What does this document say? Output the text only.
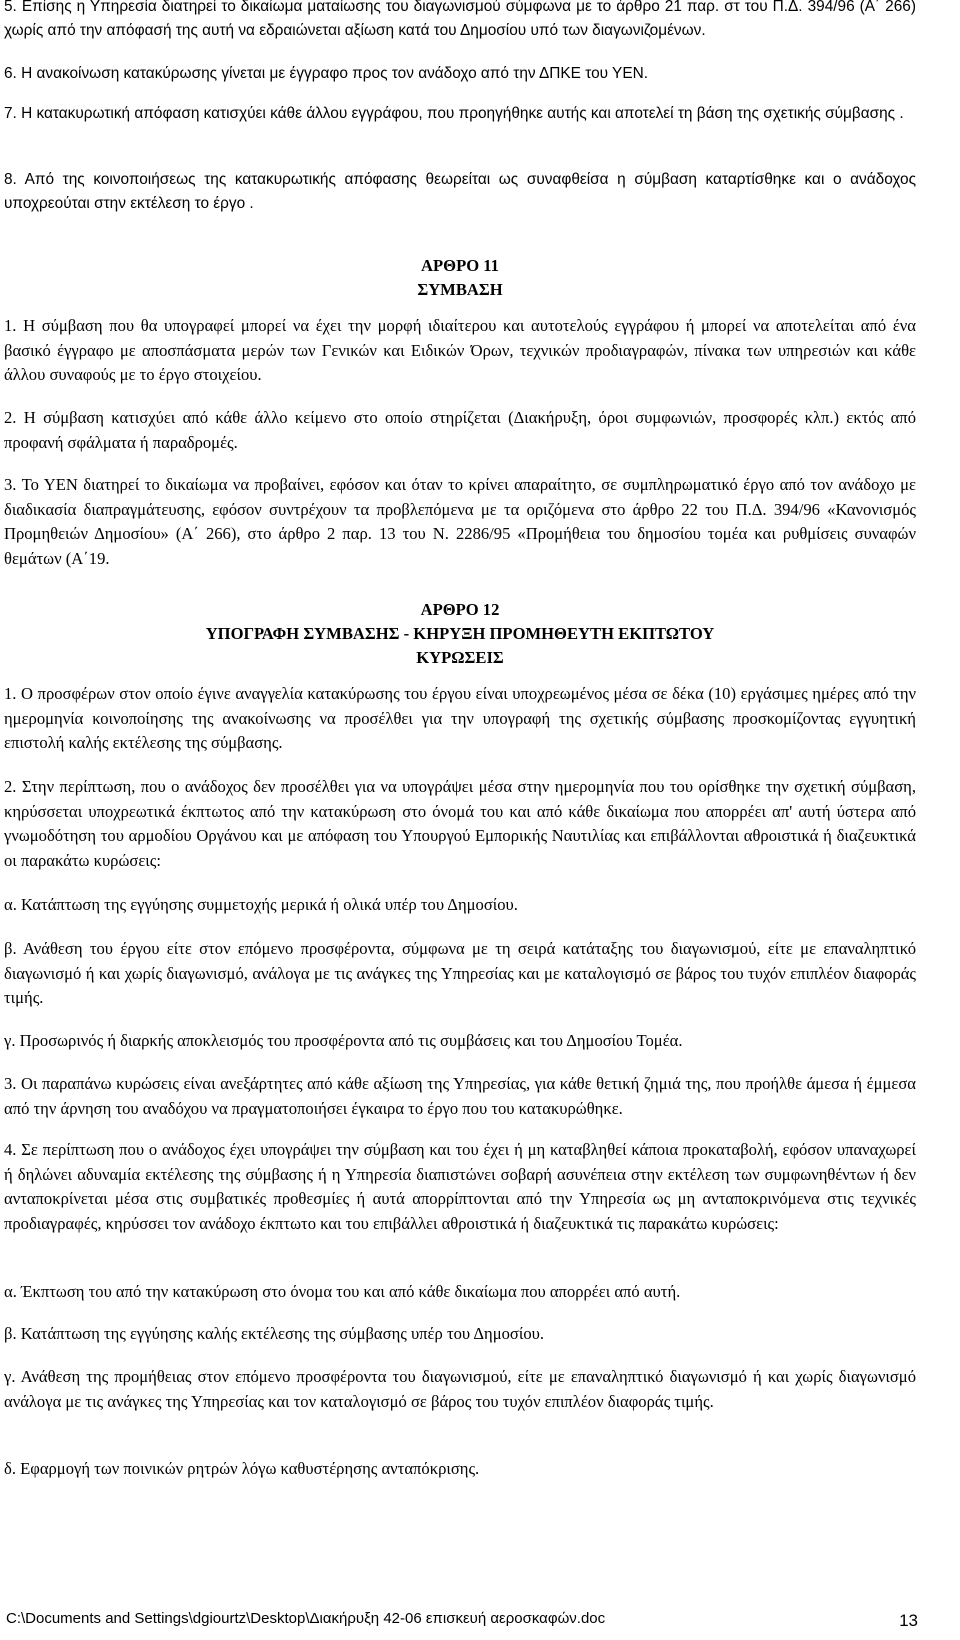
5. Επίσης η Υπηρεσία διατηρεί το δικαίωμα ματαίωσης του διαγωνισμού σύμφωνα με το άρθρο 21 παρ. στ του Π.Δ. 394/96 (Α΄ 266) χωρίς από την απόφασή της αυτή να εδραιώνεται αξίωση κατά του Δημοσίου υπό των διαγωνιζομένων.

6. Η ανακοίνωση κατακύρωσης γίνεται με έγγραφο προς τον ανάδοχο από την ΔΠΚΕ του ΥΕΝ.

7. Η κατακυρωτική απόφαση κατισχύει κάθε άλλου εγγράφου, που προηγήθηκε αυτής και αποτελεί τη βάση της σχετικής σύμβασης .

8. Από της κοινοποιήσεως της κατακυρωτικής απόφασης θεωρείται ως συναφθείσα η σύμβαση καταρτίσθηκε και ο ανάδοχος υποχρεούται στην εκτέλεση το έργο .

ΑΡΘΡΟ 11
ΣΥΜΒΑΣΗ

1. Η σύμβαση που θα υπογραφεί μπορεί να έχει την μορφή ιδιαίτερου και αυτοτελούς εγγράφου ή μπορεί να αποτελείται από ένα βασικό έγγραφο με αποσπάσματα μερών των Γενικών και Ειδικών Όρων, τεχνικών προδιαγραφών, πίνακα των υπηρεσιών και κάθε άλλου συναφούς με το έργο στοιχείου.

2. Η σύμβαση κατισχύει από κάθε άλλο κείμενο στο οποίο στηρίζεται (Διακήρυξη, όροι συμφωνιών, προσφορές κλπ.) εκτός από προφανή σφάλματα ή παραδρομές.

3. Το ΥΕΝ διατηρεί το δικαίωμα να προβαίνει, εφόσον και όταν το κρίνει απαραίτητο, σε συμπληρωματικό έργο από τον ανάδοχο με διαδικασία διαπραγμάτευσης, εφόσον συντρέχουν τα προβλεπόμενα με τα οριζόμενα στο άρθρο 22 του Π.Δ. 394/96 «Κανονισμός Προμηθειών Δημοσίου» (Α΄ 266), στο άρθρο 2 παρ. 13 του Ν. 2286/95 «Προμήθεια του δημοσίου τομέα και ρυθμίσεις συναφών θεμάτων (Α΄19.

ΑΡΘΡΟ 12
ΥΠΟΓΡΑΦΗ ΣΥΜΒΑΣΗΣ - ΚΗΡΥΞΗ ΠΡΟΜΗΘΕΥΤΗ ΕΚΠΤΩΤΟΥ
ΚΥΡΩΣΕΙΣ

1. Ο προσφέρων στον οποίο έγινε αναγγελία κατακύρωσης του έργου είναι υποχρεωμένος μέσα σε δέκα (10) εργάσιμες ημέρες από την ημερομηνία κοινοποίησης της ανακοίνωσης να προσέλθει για την υπογραφή της σχετικής σύμβασης προσκομίζοντας εγγυητική επιστολή καλής εκτέλεσης της σύμβασης.

2. Στην περίπτωση, που ο ανάδοχος δεν προσέλθει για να υπογράψει μέσα στην ημερομηνία που του ορίσθηκε την σχετική σύμβαση, κηρύσσεται υποχρεωτικά έκπτωτος από την κατακύρωση στο όνομά του και από κάθε δικαίωμα που απορρέει απ' αυτή ύστερα από γνωμοδότηση του αρμοδίου Οργάνου και με απόφαση του Υπουργού Εμπορικής Ναυτιλίας και επιβάλλονται αθροιστικά ή διαζευκτικά οι παρακάτω κυρώσεις:

α. Κατάπτωση της εγγύησης συμμετοχής μερικά ή ολικά υπέρ του Δημοσίου.

β. Ανάθεση του έργου είτε στον επόμενο προσφέροντα, σύμφωνα με τη σειρά κατάταξης του διαγωνισμού, είτε με επαναληπτικό διαγωνισμό ή και χωρίς διαγωνισμό, ανάλογα με τις ανάγκες της Υπηρεσίας και με καταλογισμό σε βάρος του τυχόν επιπλέον διαφοράς τιμής.

γ. Προσωρινός ή διαρκής αποκλεισμός του προσφέροντα από τις συμβάσεις και του Δημοσίου Τομέα.

3. Οι παραπάνω κυρώσεις είναι ανεξάρτητες από κάθε αξίωση της Υπηρεσίας, για κάθε θετική ζημιά της, που προήλθε άμεσα ή έμμεσα από την άρνηση του αναδόχου να πραγματοποιήσει έγκαιρα το έργο που του κατακυρώθηκε.

4. Σε περίπτωση που ο ανάδοχος έχει υπογράψει την σύμβαση και του έχει ή μη καταβληθεί κάποια προκαταβολή, εφόσον υπαναχωρεί ή δηλώνει αδυναμία εκτέλεσης της σύμβασης ή η Υπηρεσία διαπιστώνει σοβαρή ασυνέπεια στην εκτέλεση των συμφωνηθέντων ή δεν ανταποκρίνεται μέσα στις συμβατικές προθεσμίες ή αυτά απορρίπτονται από την Υπηρεσία ως μη ανταποκρινόμενα στις τεχνικές προδιαγραφές, κηρύσσει τον ανάδοχο έκπτωτο και του επιβάλλει αθροιστικά ή διαζευκτικά τις παρακάτω κυρώσεις:

α. Έκπτωση του από την κατακύρωση στο όνομα του και από κάθε δικαίωμα που απορρέει από αυτή.

β. Κατάπτωση της εγγύησης καλής εκτέλεσης της σύμβασης υπέρ του Δημοσίου.

γ. Ανάθεση της προμήθειας στον επόμενο προσφέροντα του διαγωνισμού, είτε με επαναληπτικό διαγωνισμό ή και χωρίς διαγωνισμό ανάλογα με τις ανάγκες της Υπηρεσίας και τον καταλογισμό σε βάρος του τυχόν επιπλέον διαφοράς τιμής.

δ. Εφαρμογή των ποινικών ρητρών λόγω καθυστέρησης ανταπόκρισης.

C:\Documents and Settings\dgiourtz\Desktop\Διακήρυξη 42-06 επισκευή αεροσκαφών.doc	13
